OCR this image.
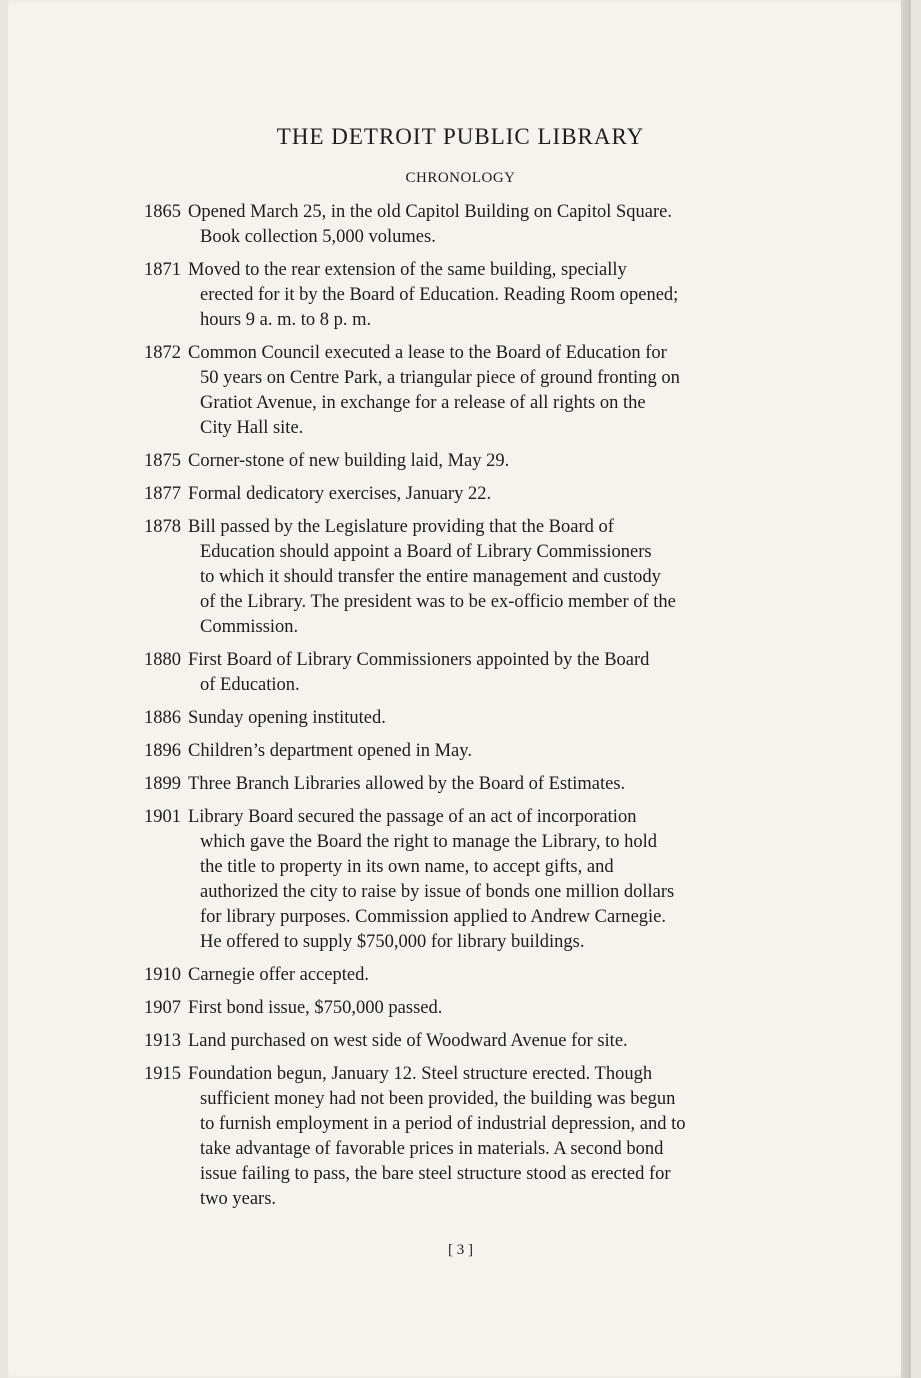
THE DETROIT PUBLIC LIBRARY
CHRONOLOGY
1865 Opened March 25, in the old Capitol Building on Capitol Square.
Book collection 5,000 volumes.
1871 Moved to the rear extension of the same building, specially
erected for it by the Board of Education. Reading Room opened;
hours 9 a. m. to 8 p. m.
1872 Common Council executed a lease to the Board of Education for
50 years on Centre Park, a triangular piece of ground fronting on
Gratiot Avenue, in exchange for a release of all rights on the
City Hall site.
1875 Corner-stone of new building laid, May 29.
1877 Formal dedicatory exercises, January 22.
1878 Bill passed by the Legislature providing that the Board of
Education should appoint a Board of Library Commissioners
to which it should transfer the entire management and custody
of the Library. The president was to be ex-officio member of the
Commission.
1880 First Board of Library Commissioners appointed by the Board
of Education.
1886 Sunday opening instituted.
1896 Children’s department opened in May.
1899 Three Branch Libraries allowed by the Board of Estimates.
1901 Library Board secured the passage of an act of incorporation
which gave the Board the right to manage the Library, to hold
the title to property in its own name, to accept gifts, and
authorized the city to raise by issue of bonds one million dollars
for library purposes. Commission applied to Andrew Carnegie.
He offered to supply $750,000 for library buildings.
1910 Carnegie offer accepted.
1907 First bond issue, $750,000 passed.
1913 Land purchased on west side of Woodward Avenue for site.
1915 Foundation begun, January 12. Steel structure erected. Though
sufficient money had not been provided, the building was begun
to furnish employment in a period of industrial depression, and to
take advantage of favorable prices in materials. A second bond
issue failing to pass, the bare steel structure stood as erected for
two years.
[ 3 ]
